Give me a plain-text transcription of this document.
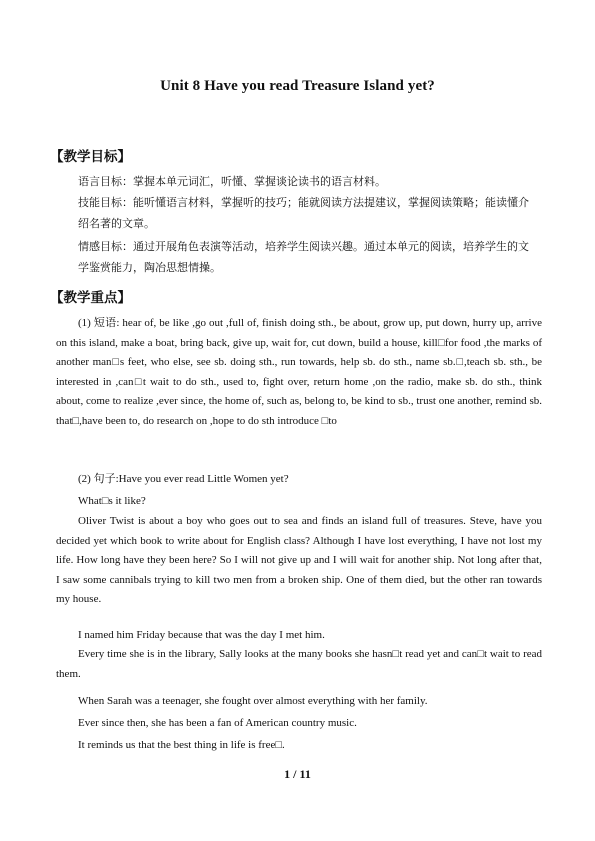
Unit 8 Have you read Treasure Island yet?
【教学目标】

语言目标：掌握本单元词汇，听懂、掌握谈论读书的语言材料。

技能目标：能听懂语言材料，掌握听的技巧；能就阅读方法提建议，掌握阅读策略；能读懂介绍名著的文章。

情感目标：通过开展角色表演等活动，培养学生阅读兴趣。通过本单元的阅读，培养学生的文学鉴赏能力，陶冶思想情操。

【教学重点】

(1) 短语: hear of, be like ,go out ,full of, finish doing sth., be about, grow up, put down, hurry up, arrive on this island, make a boat, bring back, give up, wait for, cut down, build a house, kill□for food ,the marks of another man□s feet, who else, see sb. doing sth., run towards, help sb. do sth., name sb.□,teach sb. sth., be interested in ,can□t wait to do sth., used to, fight over, return home ,on the radio, make sb. do sth., think about, come to realize ,ever since, the home of, such as, belong to, be kind to sb., trust one another, remind sb. that□,have been to, do research on ,hope to do sth introduce □to

(2) 句子:Have you ever read Little Women yet?

What□s it like?

Oliver Twist is about a boy who goes out to sea and finds an island full of treasures. Steve, have you decided yet which book to write about for English class? Although I have lost everything, I have not lost my life. How long have they been here? So I will not give up and I will wait for another ship. Not long after that, I saw some cannibals trying to kill two men from a broken ship. One of them died, but the other ran towards my house.

I named him Friday because that was the day I met him.

Every time she is in the library, Sally looks at the many books she hasn□t read yet and can□t wait to read them.

When Sarah was a teenager, she fought over almost everything with her family.

Ever since then, she has been a fan of American country music.

It reminds us that the best thing in life is free□.

1 / 11
